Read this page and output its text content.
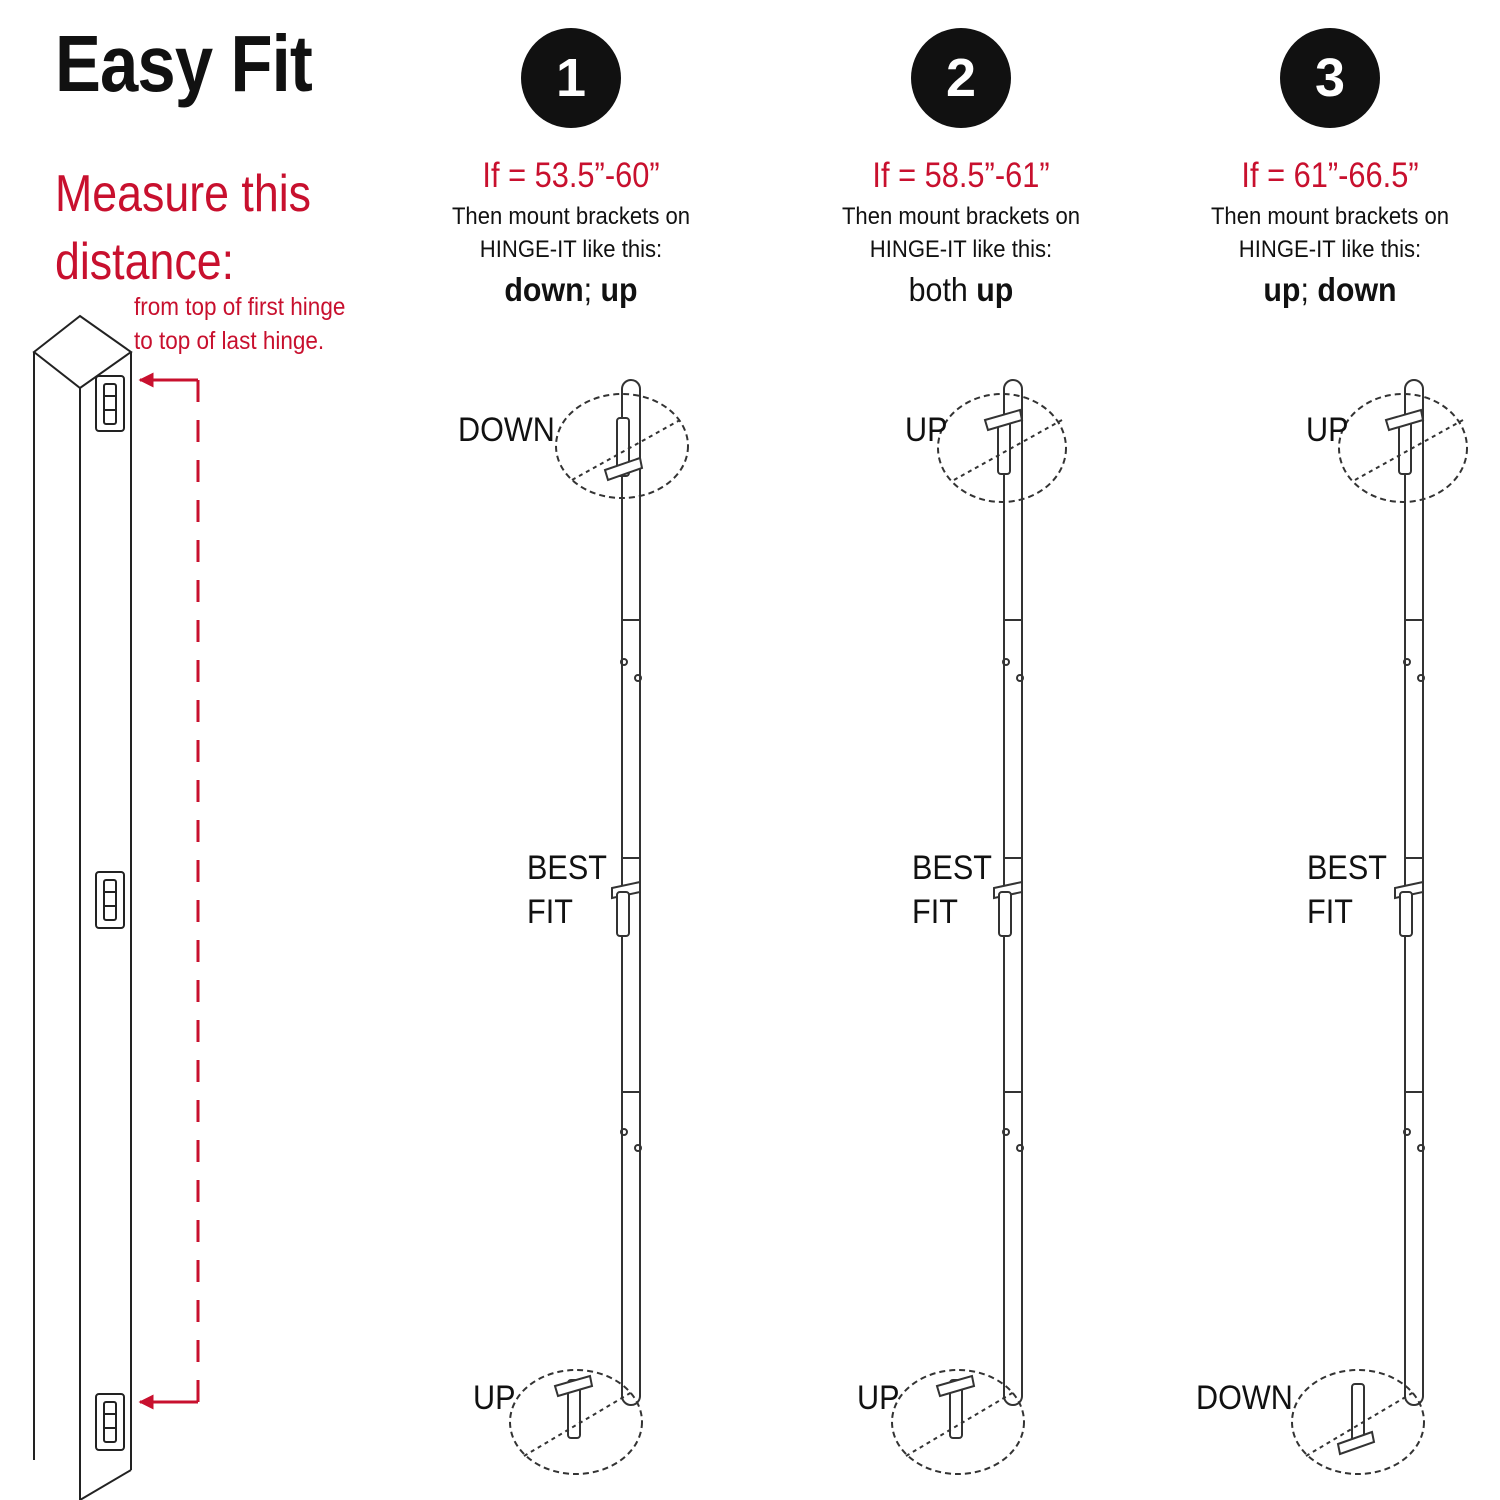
Easy Fit
Measure this
distance:
from top of first hinge
to top of last hinge.
1
If = 53.5”-60”
Then mount brackets on
HINGE-IT like this:
down; up
2
If = 58.5”-61”
Then mount brackets on
HINGE-IT like this:
both up
3
If = 61”-66.5”
Then mount brackets on
HINGE-IT like this:
up; down
DOWN
BEST
FIT
UP
UP
BEST
FIT
UP
UP
BEST
FIT
DOWN
